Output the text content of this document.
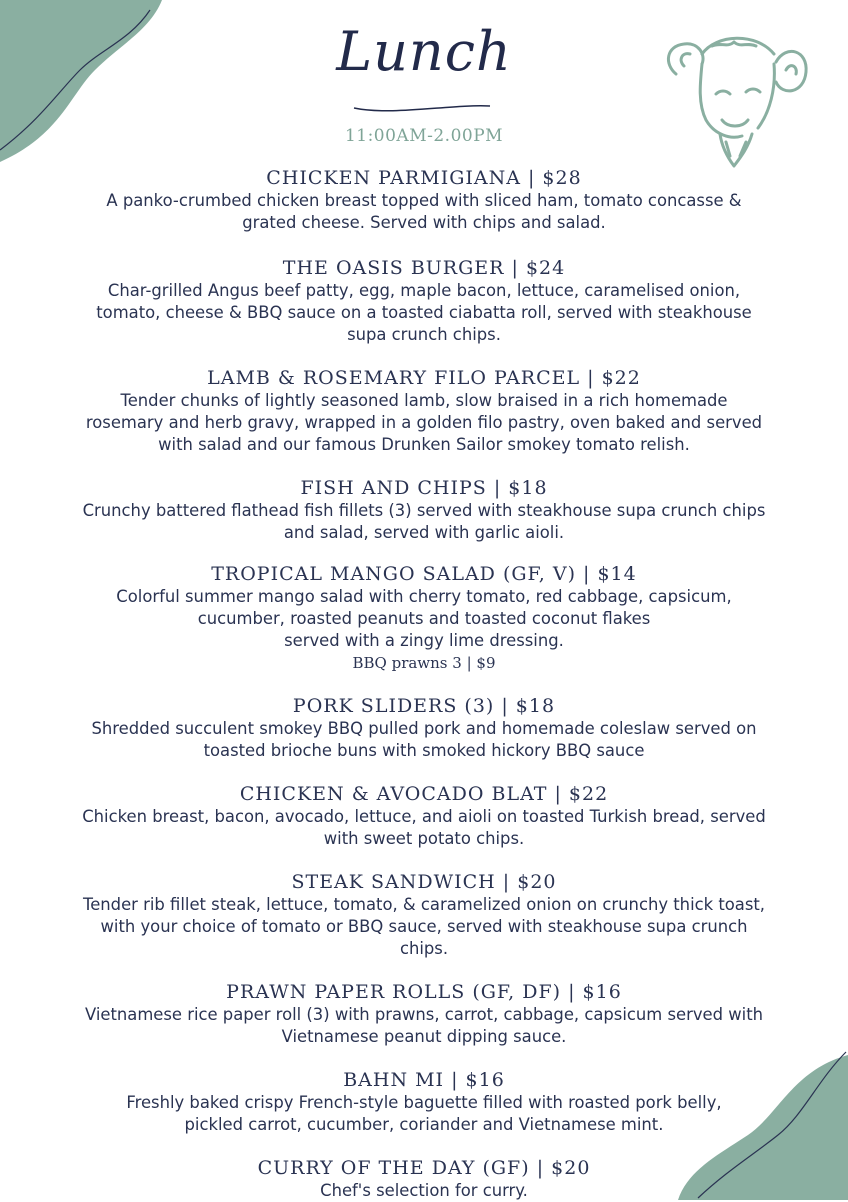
Lunch
11:00AM-2.00PM

CHICKEN PARMIGIANA | $28

A panko-crumbed chicken breast topped with sliced ham, tomato concasse &
grated cheese. Served with chips and salad.

THE OASIS BURGER | $24

Char-grilled Angus beef patty, egg, maple bacon, lettuce, caramelised onion,
tomato, cheese & BBQ sauce on a toasted ciabatta roll, served with steakhouse
supa crunch chips.

LAMB & ROSEMARY FILO PARCEL | $22

Tender chunks of lightly seasoned lamb, slow braised in a rich homemade
rosemary and herb gravy, wrapped in a golden filo pastry, oven baked and served
with salad and our famous Drunken Sailor smokey tomato relish.

FISH AND CHIPS | $18

Crunchy battered flathead fish fillets (3) served with steakhouse supa crunch chips
and salad, served with garlic aioli.

TROPICAL MANGO SALAD (GF, V) | $14

Colorful summer mango salad with cherry tomato, red cabbage, capsicum,
cucumber, roasted peanuts and toasted coconut flakes
served with a zingy lime dressing.

BBQ prawns 3 | $9

PORK SLIDERS (3) | $18

Shredded succulent smokey BBQ pulled pork and homemade coleslaw served on
toasted brioche buns with smoked hickory BBQ sauce

CHICKEN & AVOCADO BLAT | $22

Chicken breast, bacon, avocado, lettuce, and aioli on toasted Turkish bread, served
with sweet potato chips.

STEAK SANDWICH | $20

Tender rib fillet steak, lettuce, tomato, & caramelized onion on crunchy thick toast,
with your choice of tomato or BBQ sauce, served with steakhouse supa crunch
chips.

PRAWN PAPER ROLLS (GF, DF) | $16

Vietnamese rice paper roll (3) with prawns, carrot, cabbage, capsicum served with
Vietnamese peanut dipping sauce.

BAHN MI | $16

Freshly baked crispy French-style baguette filled with roasted pork belly,
pickled carrot, cucumber, coriander and Vietnamese mint.

CURRY OF THE DAY (GF) | $20

Chef's selection for curry.
